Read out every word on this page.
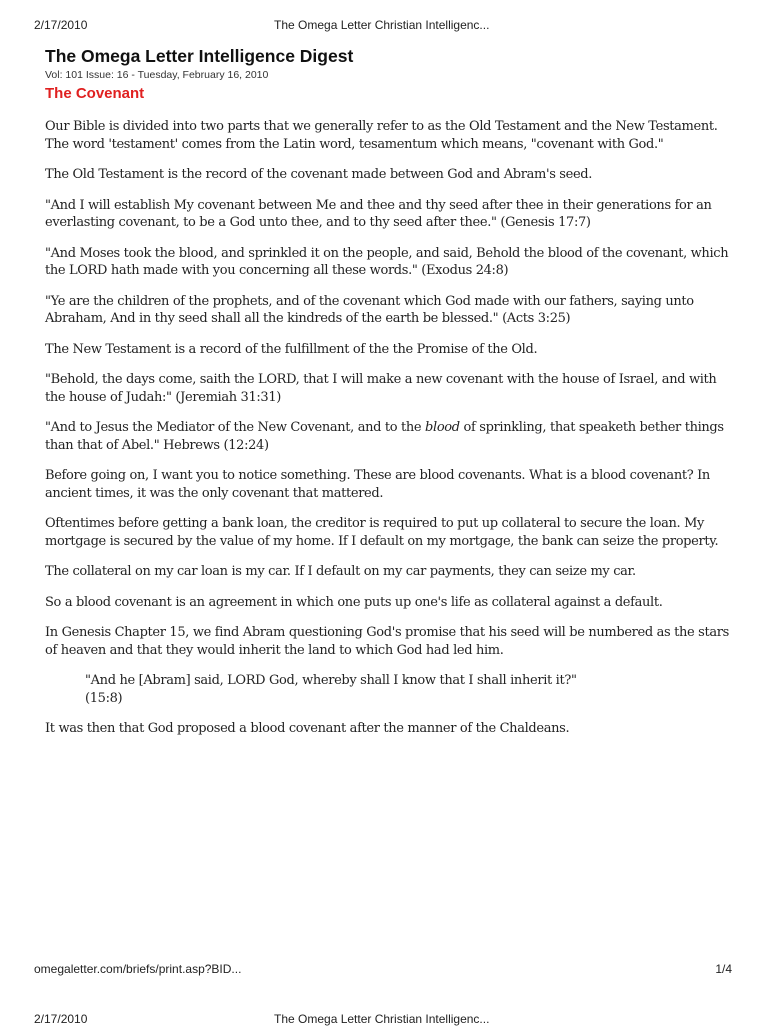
2/17/2010	The Omega Letter Christian Intelligenc...
The Omega Letter Intelligence Digest
Vol: 101 Issue: 16 - Tuesday, February 16, 2010
The Covenant

Our Bible is divided into two parts that we generally refer to as the Old Testament and the New Testament. The word 'testament' comes from the Latin word, tesamentum which means, "covenant with God."

The Old Testament is the record of the covenant made between God and Abram's seed.

"And I will establish My covenant between Me and thee and thy seed after thee in their generations for an everlasting covenant, to be a God unto thee, and to thy seed after thee." (Genesis 17:7)

"And Moses took the blood, and sprinkled it on the people, and said, Behold the blood of the covenant, which the LORD hath made with you concerning all these words." (Exodus 24:8)

"Ye are the children of the prophets, and of the covenant which God made with our fathers, saying unto Abraham, And in thy seed shall all the kindreds of the earth be blessed." (Acts 3:25)

The New Testament is a record of the fulfillment of the the Promise of the Old.

"Behold, the days come, saith the LORD, that I will make a new covenant with the house of Israel, and with the house of Judah:" (Jeremiah 31:31)

"And to Jesus the Mediator of the New Covenant, and to the blood of sprinkling, that speaketh bether things than that of Abel." Hebrews (12:24)

Before going on, I want you to notice something. These are blood covenants. What is a blood covenant? In ancient times, it was the only covenant that mattered.

Oftentimes before getting a bank loan, the creditor is required to put up collateral to secure the loan. My mortgage is secured by the value of my home. If I default on my mortgage, the bank can seize the property.

The collateral on my car loan is my car. If I default on my car payments, they can seize my car.

So a blood covenant is an agreement in which one puts up one's life as collateral against a default.

In Genesis Chapter 15, we find Abram questioning God's promise that his seed will be numbered as the stars of heaven and that they would inherit the land to which God had led him.

"And he [Abram] said, LORD God, whereby shall I know that I shall inherit it?" (15:8)

It was then that God proposed a blood covenant after the manner of the Chaldeans.

omegaletter.com/briefs/print.asp?BID...	1/4
2/17/2010	The Omega Letter Christian Intelligenc...
